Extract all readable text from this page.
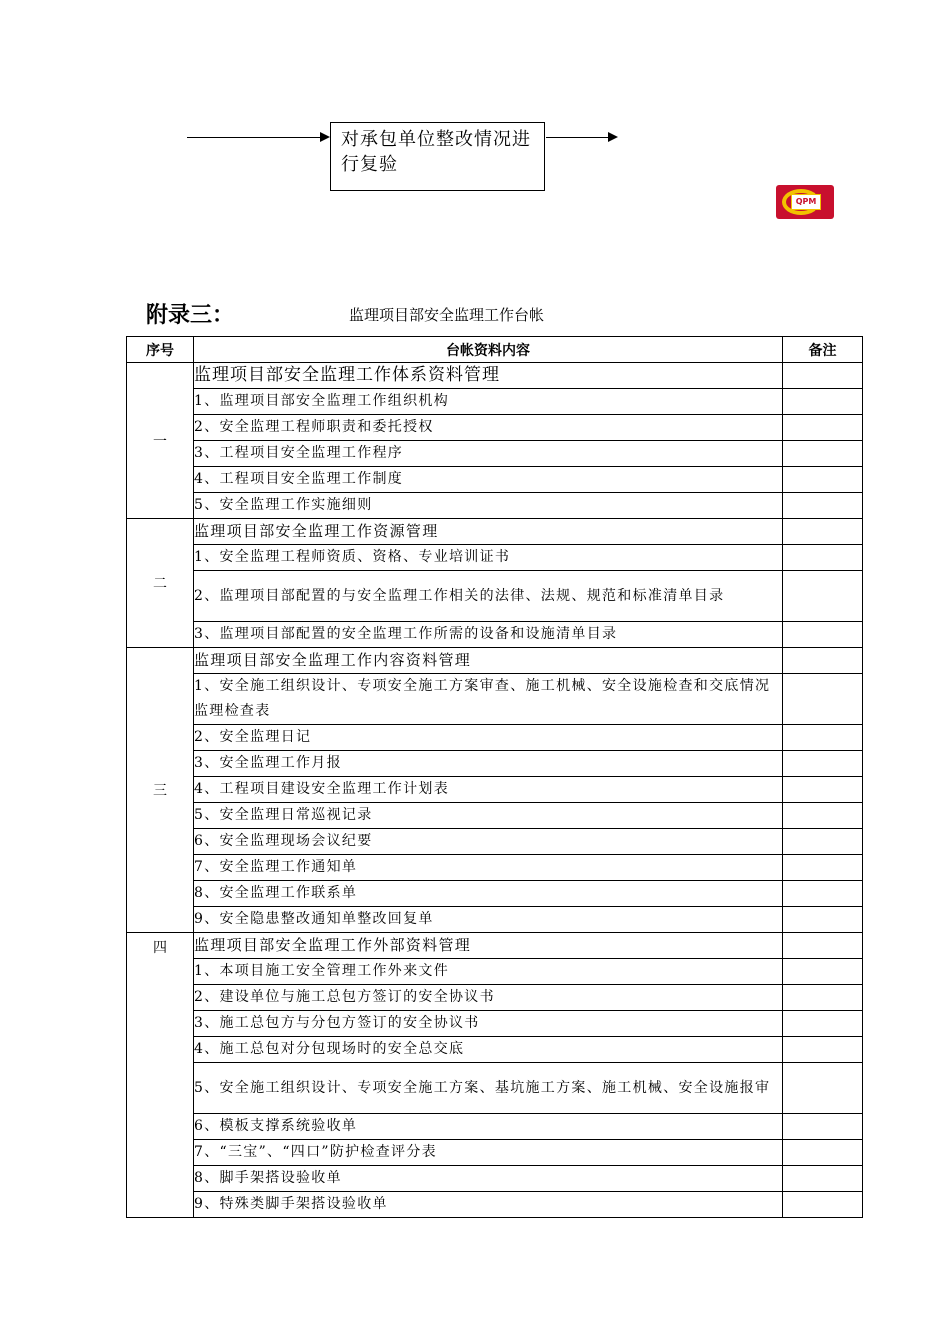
对承包单位整改情况进行复验
QPM
附录三：	监理项目部安全监理工作台帐
序号	台帐资料内容	备注
一	监理项目部安全监理工作体系资料管理	
	1、监理项目部安全监理工作组织机构	
	2、安全监理工程师职责和委托授权	
	3、工程项目安全监理工作程序	
	4、工程项目安全监理工作制度	
	5、安全监理工作实施细则	
二	监理项目部安全监理工作资源管理	
	1、安全监理工程师资质、资格、专业培训证书	
	2、监理项目部配置的与安全监理工作相关的法律、法规、规范和标准清单目录	
	3、监理项目部配置的安全监理工作所需的设备和设施清单目录	
三	监理项目部安全监理工作内容资料管理	
	1、安全施工组织设计、专项安全施工方案审查、施工机械、安全设施检查和交底情况监理检查表	
	2、安全监理日记	
	3、安全监理工作月报	
	4、工程项目建设安全监理工作计划表	
	5、安全监理日常巡视记录	
	6、安全监理现场会议纪要	
	7、安全监理工作通知单	
	8、安全监理工作联系单	
	9、安全隐患整改通知单整改回复单	
四	监理项目部安全监理工作外部资料管理	
	1、本项目施工安全管理工作外来文件	
	2、建设单位与施工总包方签订的安全协议书	
	3、施工总包方与分包方签订的安全协议书	
	4、施工总包对分包现场时的安全总交底	
	5、安全施工组织设计、专项安全施工方案、基坑施工方案、施工机械、安全设施报审	
	6、模板支撑系统验收单	
	7、“三宝”、“四口”防护检查评分表	
	8、脚手架搭设验收单	
	9、特殊类脚手架搭设验收单	
